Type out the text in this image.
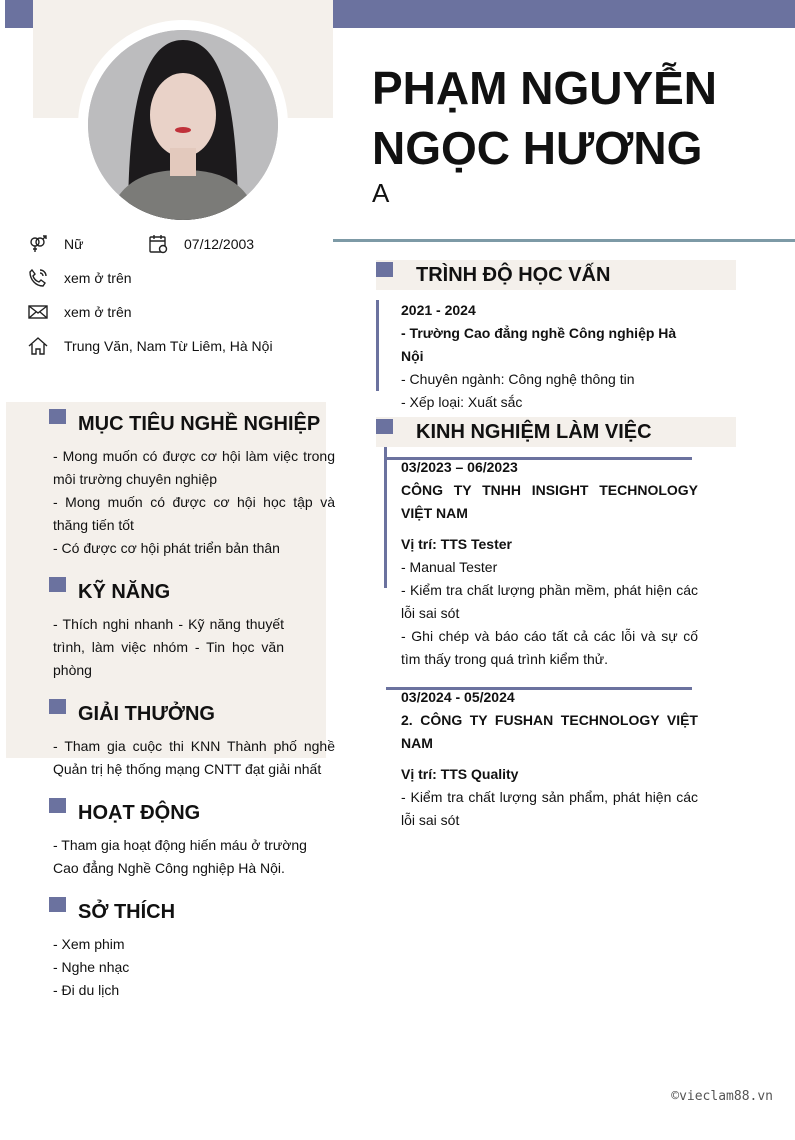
PHẠM NGUYỄN NGỌC HƯƠNG
A
Nữ	07/12/2003
xem ở trên
xem ở trên
Trung Văn, Nam Từ Liêm, Hà Nội
MỤC TIÊU NGHỀ NGHIỆP
- Mong muốn có được cơ hội làm việc trong môi trường chuyên nghiệp
- Mong muốn có được cơ hội học tập và thăng tiến tốt
- Có được cơ hội phát triển bản thân
KỸ NĂNG
- Thích nghi nhanh - Kỹ năng thuyết trình, làm việc nhóm - Tin học văn phòng
GIẢI THƯỞNG
- Tham gia cuộc thi KNN Thành phố nghề Quản trị hệ thống mạng CNTT đạt giải nhất
HOẠT ĐỘNG
- Tham gia hoạt động hiến máu ở trường Cao đẳng Nghề Công nghiệp Hà Nội.
SỞ THÍCH
- Xem phim
- Nghe nhạc
- Đi du lịch
TRÌNH ĐỘ HỌC VẤN
2021 - 2024
- Trường Cao đẳng nghề Công nghiệp Hà Nội
- Chuyên ngành: Công nghệ thông tin
- Xếp loại: Xuất sắc
KINH NGHIỆM LÀM VIỆC
03/2023 – 06/2023
CÔNG TY TNHH INSIGHT TECHNOLOGY VIỆT NAM
Vị trí: TTS Tester
- Manual Tester
- Kiểm tra chất lượng phần mềm, phát hiện các lỗi sai sót
- Ghi chép và báo cáo tất cả các lỗi và sự cố tìm thấy trong quá trình kiểm thử.
03/2024 - 05/2024
2. CÔNG TY FUSHAN TECHNOLOGY VIỆT NAM
Vị trí: TTS Quality
- Kiểm tra chất lượng sản phẩm, phát hiện các lỗi sai sót
©vieclam88.vn
